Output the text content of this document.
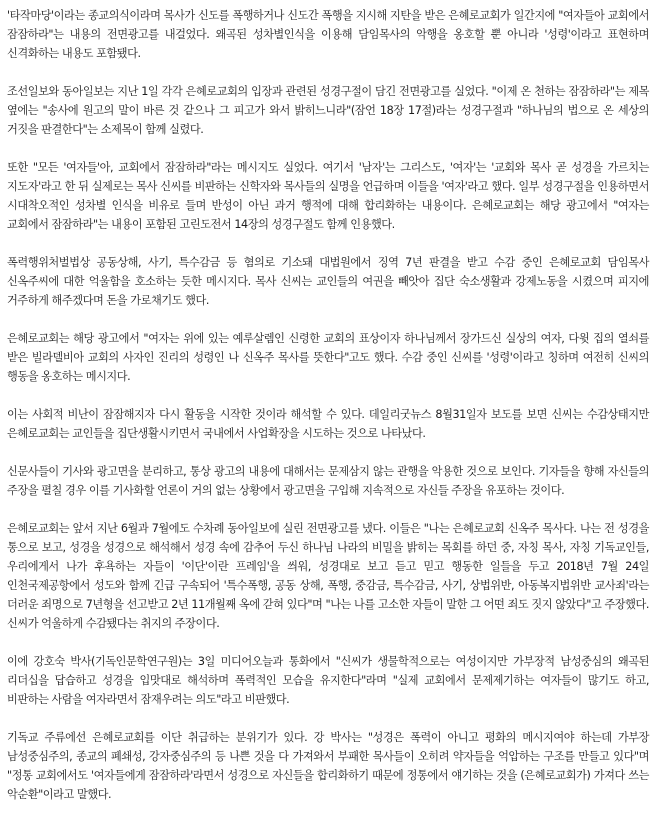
'타작마당'이라는 종교의식이라며 목사가 신도를 폭행하거나 신도간 폭행을 지시해 지탄을 받은 은혜로교회가 일간지에 "여자들아 교회에서 잠잠하라"는 내용의 전면광고를 내걸었다. 왜곡된 성차별인식을 이용해 담임목사의 악행을 옹호할 뿐 아니라 '성령'이라고 표현하며 신격화하는 내용도 포함됐다.

조선일보와 동아일보는 지난 1일 각각 은혜로교회의 입장과 관련된 성경구절이 담긴 전면광고를 실었다. "이제 온 천하는 잠잠하라"는 제목 옆에는 "송사에 원고의 말이 바른 것 같으나 그 피고가 와서 밝히느니라"(잠언 18장 17절)라는 성경구절과 "하나님의 법으로 온 세상의 거짓을 판결한다"는 소제목이 함께 실렸다.

또한 "모든 '여자들'아, 교회에서 잠잠하라"라는 메시지도 실었다. 여기서 '남자'는 그리스도, '여자'는 '교회와 목사 곧 성경을 가르치는 지도자'라고 한 뒤 실제로는 목사 신씨를 비판하는 신학자와 목사들의 실명을 언급하며 이들을 '여자'라고 했다. 일부 성경구절을 인용하면서 시대착오적인 성차별 인식을 비유로 들며 반성이 아닌 과거 행적에 대해 합리화하는 내용이다. 은혜로교회는 해당 광고에서 "여자는 교회에서 잠잠하라"는 내용이 포함된 고린도전서 14장의 성경구절도 함께 인용했다.

폭력행위처벌법상 공동상해, 사기, 특수감금 등 혐의로 기소돼 대법원에서 징역 7년 판결을 받고 수감 중인 은혜로교회 담임목사 신옥주씨에 대한 억울함을 호소하는 듯한 메시지다. 목사 신씨는 교인들의 여권을 빼앗아 집단 숙소생활과 강제노동을 시켰으며 피지에 거주하게 해주겠다며 돈을 가로채기도 했다.

은혜로교회는 해당 광고에서 "여자는 위에 있는 예루살렘인 신령한 교회의 표상이자 하나님께서 장가드신 실상의 여자, 다윗 집의 열쇠를 받은 빌라델비아 교회의 사자인 진리의 성령인 나 신옥주 목사를 뜻한다"고도 했다. 수감 중인 신씨를 '성령'이라고 칭하며 여전히 신씨의 행동을 옹호하는 메시지다.

이는 사회적 비난이 잠잠해지자 다시 활동을 시작한 것이라 해석할 수 있다. 데일리굿뉴스 8월31일자 보도를 보면 신씨는 수감상태지만 은혜로교회는 교인들을 집단생활시키면서 국내에서 사업확장을 시도하는 것으로 나타났다.

신문사들이 기사와 광고면을 분리하고, 통상 광고의 내용에 대해서는 문제삼지 않는 관행을 악용한 것으로 보인다. 기자들을 향해 자신들의 주장을 펼칠 경우 이를 기사화할 언론이 거의 없는 상황에서 광고면을 구입해 지속적으로 자신들 주장을 유포하는 것이다.

은혜로교회는 앞서 지난 6월과 7월에도 수차례 동아일보에 실린 전면광고를 냈다. 이들은 "나는 은혜로교회 신옥주 목사다. 나는 전 성경을 통으로 보고, 성경을 성경으로 해석해서 성경 속에 감추어 두신 하나님 나라의 비밀을 밝히는 목회를 하던 중, 자칭 목사, 자칭 기독교인들, 우리에게서 나가 후욕하는 자들이 '이단'이란 프레임'을 씌워, 성경대로 보고 듣고 믿고 행동한 일들을 두고 2018년 7월 24일 인천국제공항에서 성도와 함께 긴급 구속되어 '특수폭행, 공동 상해, 폭행, 중감금, 특수감금, 사기, 상법위반, 아동복지법위반 교사죄'라는 더러운 죄명으로 7년형을 선고받고 2년 11개월째 옥에 갇혀 있다"며 "나는 나를 고소한 자들이 말한 그 어떤 죄도 짓지 않았다"고 주장했다. 신씨가 억울하게 수감됐다는 취지의 주장이다.

이에 강호숙 박사(기독인문학연구원)는 3일 미디어오늘과 통화에서 "신씨가 생물학적으로는 여성이지만 가부장적 남성중심의 왜곡된 리더십을 답습하고 성경을 입맛대로 해석하며 폭력적인 모습을 유지한다"라며 "실제 교회에서 문제제기하는 여자들이 많기도 하고, 비판하는 사람을 여자라면서 잠재우려는 의도"라고 비판했다.

기독교 주류에선 은혜로교회를 이단 취급하는 분위기가 있다. 강 박사는 "성경은 폭력이 아니고 평화의 메시지여야 하는데 가부장 남성중심주의, 종교의 폐쇄성, 강자중심주의 등 나쁜 것을 다 가져와서 부패한 목사들이 오히려 약자들을 억압하는 구조를 만들고 있다"며 "정통 교회에서도 '여자들에게 잠잠하라'라면서 성경으로 자신들을 합리화하기 때문에 정통에서 얘기하는 것을 (은혜로교회가) 가져다 쓰는 악순환"이라고 말했다.
